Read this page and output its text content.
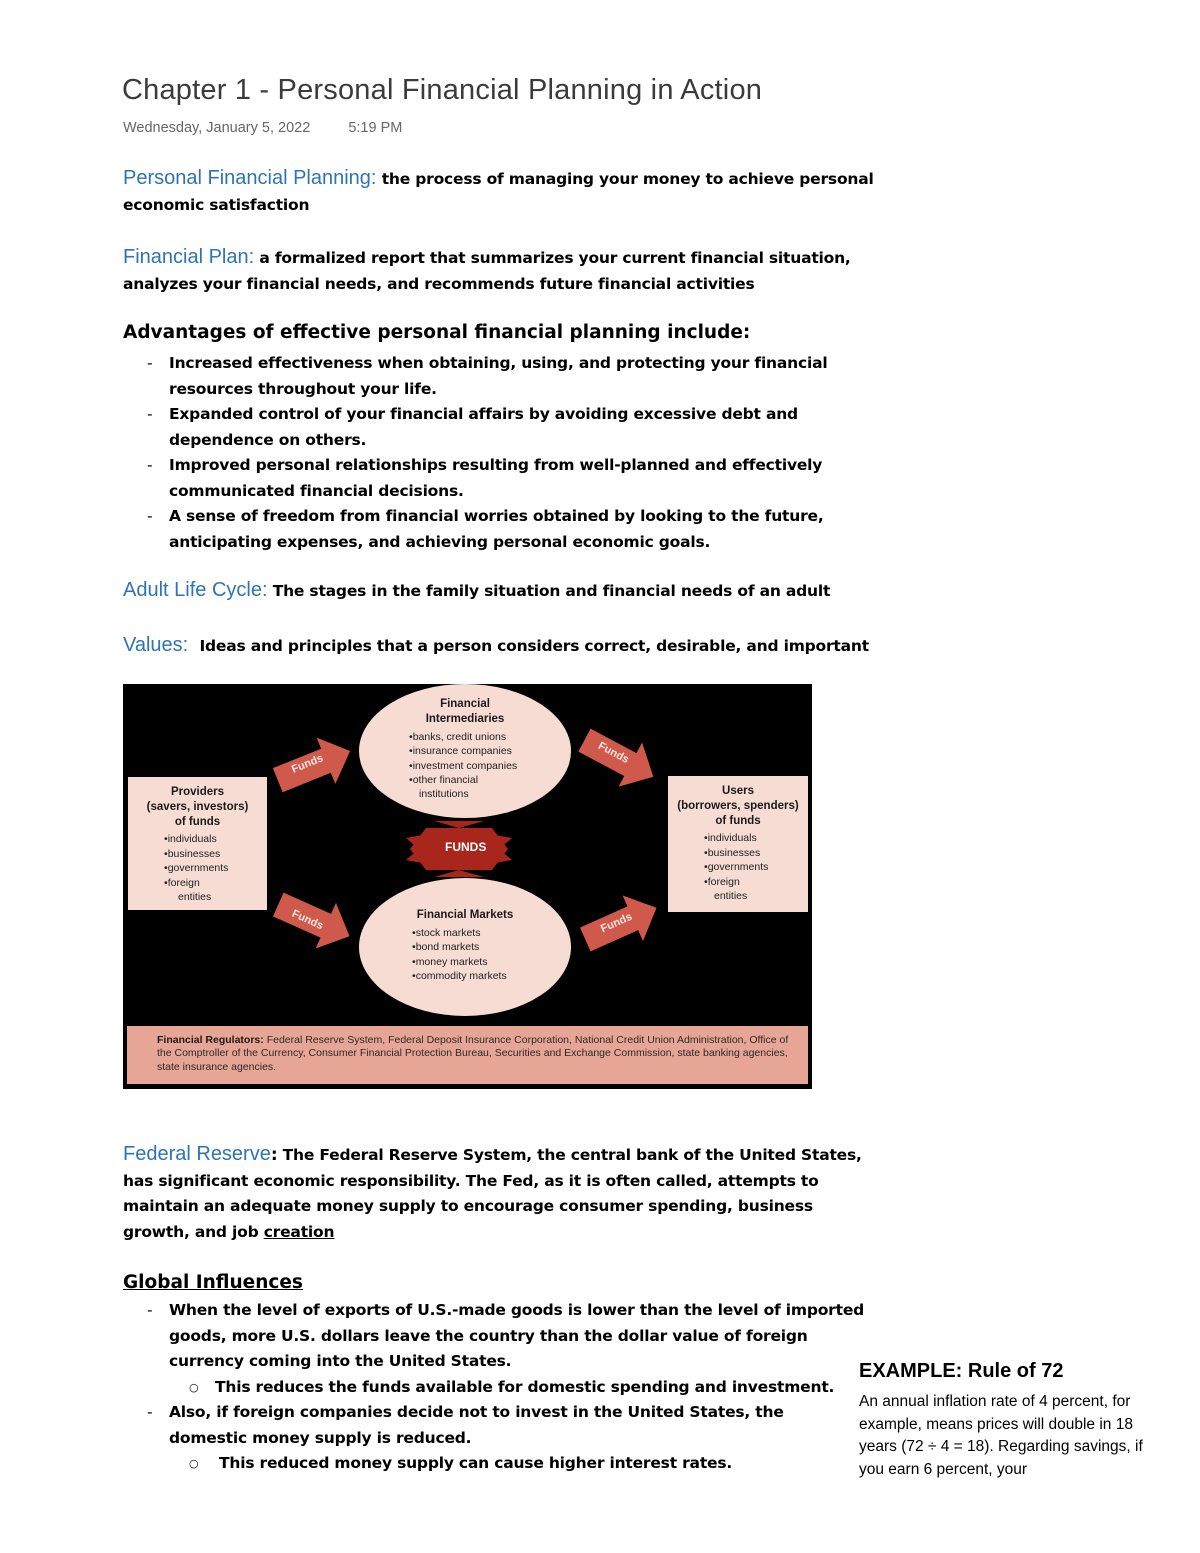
Chapter 1 - Personal Financial Planning in Action
Wednesday, January 5, 2022	5:19 PM
Personal Financial Planning: the process of managing your money to achieve personal economic satisfaction
Financial Plan: a formalized report that summarizes your current financial situation, analyzes your financial needs, and recommends future financial activities
Advantages of effective personal financial planning include:
- Increased effectiveness when obtaining, using, and protecting your financial resources throughout your life.
- Expanded control of your financial affairs by avoiding excessive debt and dependence on others.
- Improved personal relationships resulting from well-planned and effectively communicated financial decisions.
- A sense of freedom from financial worries obtained by looking to the future, anticipating expenses, and achieving personal economic goals.
Adult Life Cycle: The stages in the family situation and financial needs of an adult
Values: Ideas and principles that a person considers correct, desirable, and important
Funds	Funds
Funds	Funds
FUNDS
Providers
(savers, investors)
of funds
• individuals
• businesses
• governments
• foreign
entities
Users
(borrowers, spenders)
of funds
• individuals
• businesses
• governments
• foreign
entities
Financial
Intermediaries
• banks, credit unions
• insurance companies
• investment companies
• other financial
institutions
Financial Markets
• stock markets
• bond markets
• money markets
• commodity markets
Financial Regulators: Federal Reserve System, Federal Deposit Insurance Corporation, National Credit Union Administration, Office of the Comptroller of the Currency, Consumer Financial Protection Bureau, Securities and Exchange Commission, state banking agencies, state insurance agencies.
Federal Reserve: The Federal Reserve System, the central bank of the United States, has significant economic responsibility. The Fed, as it is often called, attempts to maintain an adequate money supply to encourage consumer spending, business growth, and job creation
Global Influences
- When the level of exports of U.S.-made goods is lower than the level of imported goods, more U.S. dollars leave the country than the dollar value of foreign currency coming into the United States.
○ This reduces the funds available for domestic spending and investment.
- Also, if foreign companies decide not to invest in the United States, the domestic money supply is reduced.
○ This reduced money supply can cause higher interest rates.
EXAMPLE: Rule of 72
An annual inflation rate of 4 percent, for example, means prices will double in 18 years (72 ÷ 4 = 18). Regarding savings, if you earn 6 percent, your
